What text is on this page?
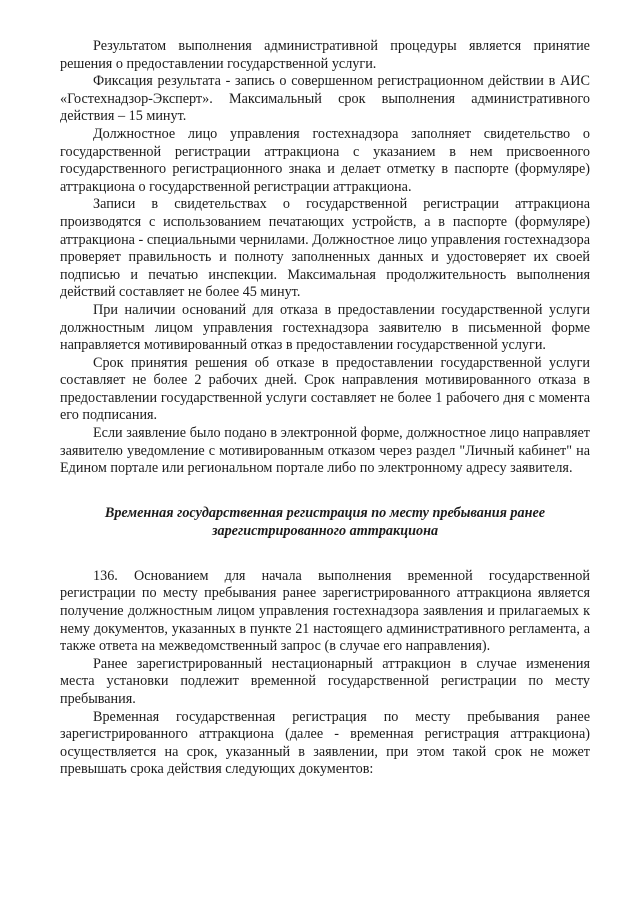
Результатом выполнения административной процедуры является принятие решения о предоставлении государственной услуги.

Фиксация результата - запись о совершенном регистрационном действии в АИС «Гостехнадзор-Эксперт». Максимальный срок выполнения административного действия – 15 минут.

Должностное лицо управления гостехнадзора заполняет свидетельство о государственной регистрации аттракциона с указанием в нем присвоенного государственного регистрационного знака и делает отметку в паспорте (формуляре) аттракциона о государственной регистрации аттракциона.

Записи в свидетельствах о государственной регистрации аттракциона производятся с использованием печатающих устройств, а в паспорте (формуляре) аттракциона - специальными чернилами. Должностное лицо управления гостехнадзора проверяет правильность и полноту заполненных данных и удостоверяет их своей подписью и печатью инспекции. Максимальная продолжительность выполнения действий составляет не более 45 минут.

При наличии оснований для отказа в предоставлении государственной услуги должностным лицом управления гостехнадзора заявителю в письменной форме направляется мотивированный отказ в предоставлении государственной услуги.

Срок принятия решения об отказе в предоставлении государственной услуги составляет не более 2 рабочих дней. Срок направления мотивированного отказа в предоставлении государственной услуги составляет не более 1 рабочего дня с момента его подписания.

Если заявление было подано в электронной форме, должностное лицо направляет заявителю уведомление с мотивированным отказом через раздел "Личный кабинет" на Едином портале или региональном портале либо по электронному адресу заявителя.

Временная государственная регистрация по месту пребывания ранее
зарегистрированного аттракциона

136. Основанием для начала выполнения временной государственной регистрации по месту пребывания ранее зарегистрированного аттракциона является получение должностным лицом управления гостехнадзора заявления и прилагаемых к нему документов, указанных в пункте 21 настоящего административного регламента, а также ответа на межведомственный запрос (в случае его направления).

Ранее зарегистрированный нестационарный аттракцион в случае изменения места установки подлежит временной государственной регистрации по месту пребывания.

Временная государственная регистрация по месту пребывания ранее зарегистрированного аттракциона (далее - временная регистрация аттракциона) осуществляется на срок, указанный в заявлении, при этом такой срок не может превышать срока действия следующих документов:
